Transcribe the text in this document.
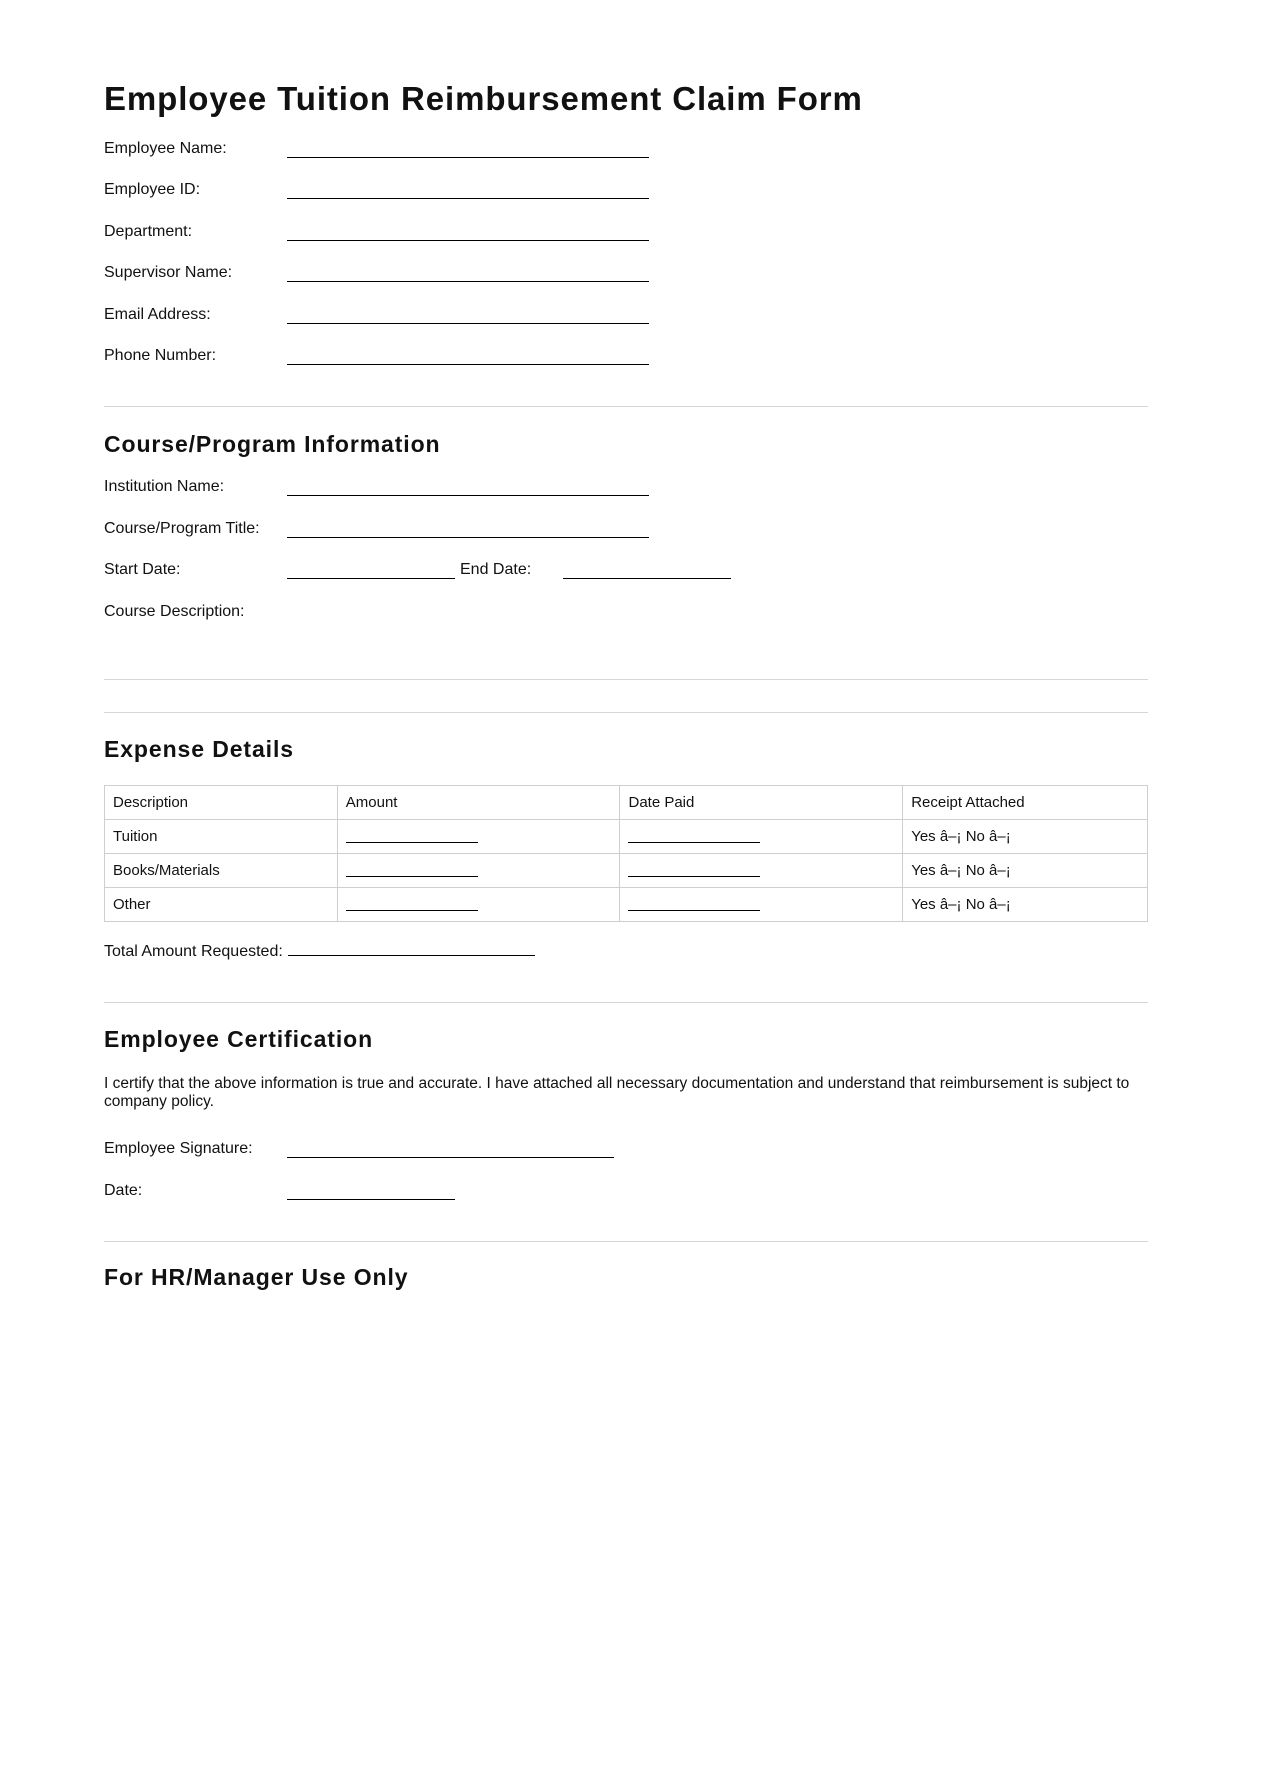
Employee Tuition Reimbursement Claim Form
Employee Name:
Employee ID:
Department:
Supervisor Name:
Email Address:
Phone Number:
Course/Program Information
Institution Name:
Course/Program Title:
Start Date:	End Date:
Course Description:
Expense Details
Description	Amount	Date Paid	Receipt Attached
Tuition			Yes â–¡ No â–¡
Books/Materials			Yes â–¡ No â–¡
Other			Yes â–¡ No â–¡
Total Amount Requested:
Employee Certification

I certify that the above information is true and accurate. I have attached all necessary documentation and understand that reimbursement is subject to company policy.

Employee Signature:
Date:
For HR/Manager Use Only
